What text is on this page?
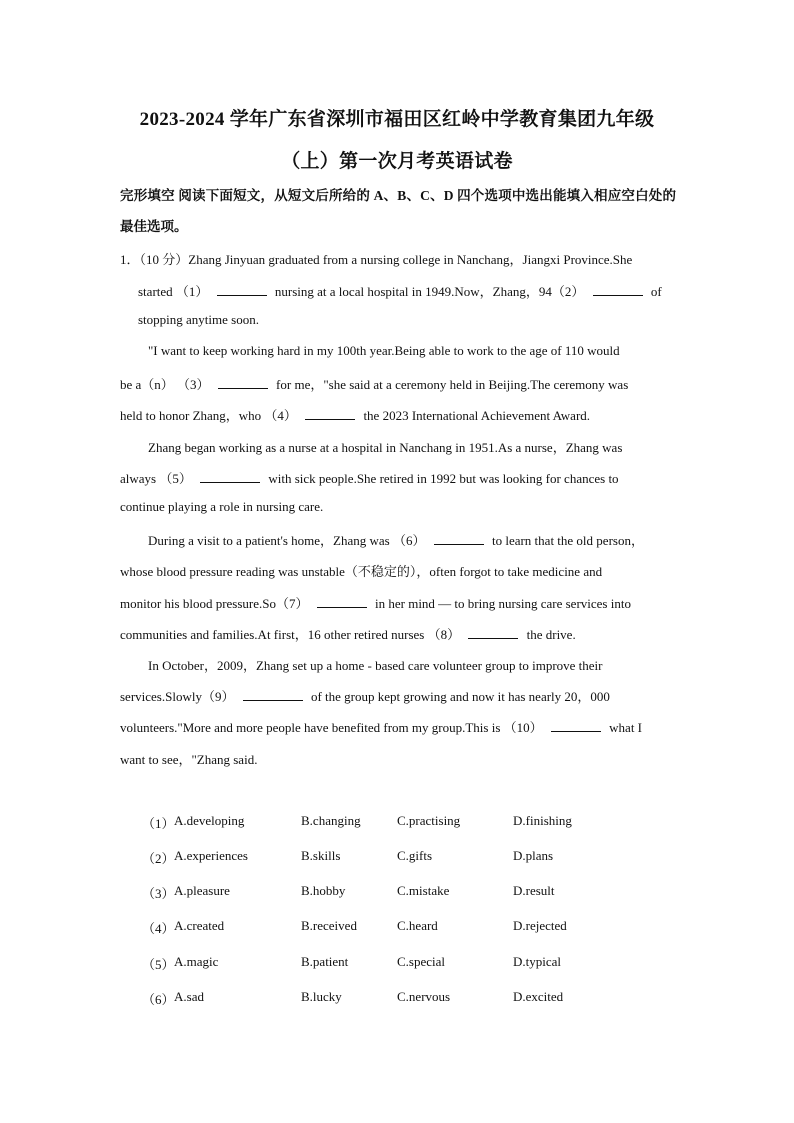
2023-2024 学年广东省深圳市福田区红岭中学教育集团九年级
（上）第一次月考英语试卷
完形填空 阅读下面短文，从短文后所给的 A、B、C、D 四个选项中选出能填入相应空白处的最佳选项。
1．（10 分）Zhang Jinyuan graduated from a nursing college in Nanchang，Jiangxi Province.She
started （1）	nursing at a local hospital in 1949.Now，Zhang，94（2）	of
stopping anytime soon.
"I want to keep working hard in my 100th year.Being able to work to the age of 110 would
be a（n） （3）	for me，"she said at a ceremony held in Beijing.The ceremony was
held to honor Zhang，who （4）	the 2023 International Achievement Award.
Zhang began working as a nurse at a hospital in Nanchang in 1951.As a nurse，Zhang was
always （5）	with sick people.She retired in 1992 but was looking for chances to
continue playing a role in nursing care.
During a visit to a patient's home，Zhang was （6）	to learn that the old person，
whose blood pressure reading was unstable（不稳定的），often forgot to take medicine and
monitor his blood pressure.So（7）	in her mind — to bring nursing care services into
communities and families.At first，16 other retired nurses （8）	the drive.
In October，2009，Zhang set up a home - based care volunteer group to improve their
services.Slowly（9）	of the group kept growing and now it has nearly 20，000
volunteers."More and more people have benefited from my group.This is （10）	what I
want to see，"Zhang said.
（1） A.developing	B.changing	C.practising	D.finishing
（2） A.experiences	B.skills	C.gifts	D.plans
（3） A.pleasure	B.hobby	C.mistake	D.result
（4） A.created	B.received	C.heard	D.rejected
（5） A.magic	B.patient	C.special	D.typical
（6） A.sad	B.lucky	C.nervous	D.excited
